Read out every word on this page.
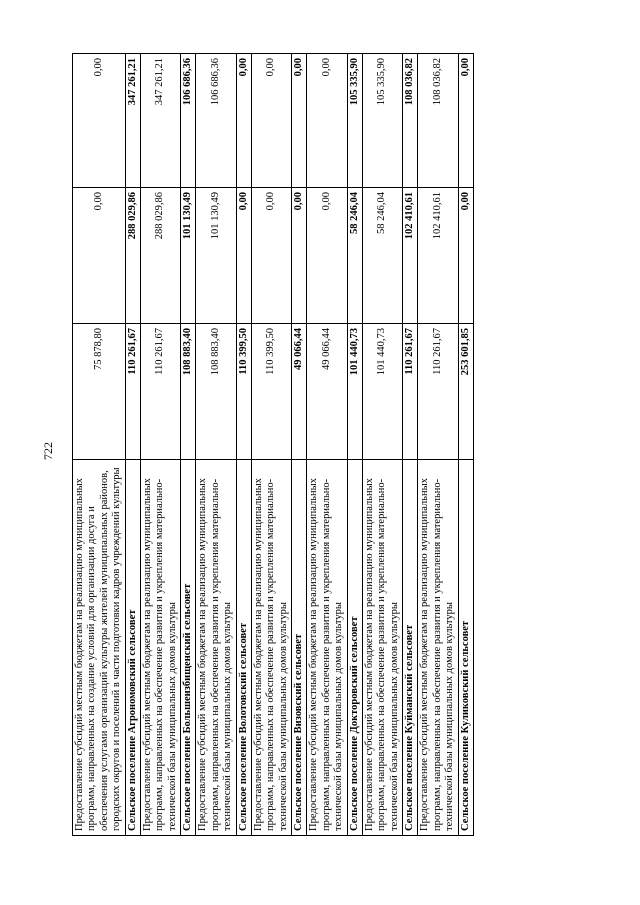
722
Предоставление субсидий местным бюджетам на реализацию муниципальных программ, направленных на создание условий для организации досуга и обеспечения услугами организаций культуры жителей муниципальных районов, городских округов и поселений в части подготовки кадров учреждений культуры	75 878,80	0,00	0,00
Сельское поселение Агрономовский сельсовет	110 261,67	288 029,86	347 261,21
Предоставление субсидий местным бюджетам на реализацию муниципальных программ, направленных на обеспечение развития и укрепления материально-технической базы муниципальных домов культуры	110 261,67	288 029,86	347 261,21
Сельское поселение Большеизбищенский сельсовет	108 883,40	101 130,49	106 686,36
Предоставление субсидий местным бюджетам на реализацию муниципальных программ, направленных на обеспечение развития и укрепления материально-технической базы муниципальных домов культуры	108 883,40	101 130,49	106 686,36
Сельское поселение Волотовский сельсовет	110 399,50	0,00	0,00
Предоставление субсидий местным бюджетам на реализацию муниципальных программ, направленных на обеспечение развития и укрепления материально-технической базы муниципальных домов культуры	110 399,50	0,00	0,00
Сельское поселение Визовский сельсовет	49 066,44	0,00	0,00
Предоставление субсидий местным бюджетам на реализацию муниципальных программ, направленных на обеспечение развития и укрепления материально-технической базы муниципальных домов культуры	49 066,44	0,00	0,00
Сельское поселение Докторовский сельсовет	101 440,73	58 246,04	105 335,90
Предоставление субсидий местным бюджетам на реализацию муниципальных программ, направленных на обеспечение развития и укрепления материально-технической базы муниципальных домов культуры	101 440,73	58 246,04	105 335,90
Сельское поселение Куйманский сельсовет	110 261,67	102 410,61	108 036,82
Предоставление субсидий местным бюджетам на реализацию муниципальных программ, направленных на обеспечение развития и укрепления материально-технической базы муниципальных домов культуры	110 261,67	102 410,61	108 036,82
Сельское поселение Куликовский сельсовет	253 601,85	0,00	0,00
